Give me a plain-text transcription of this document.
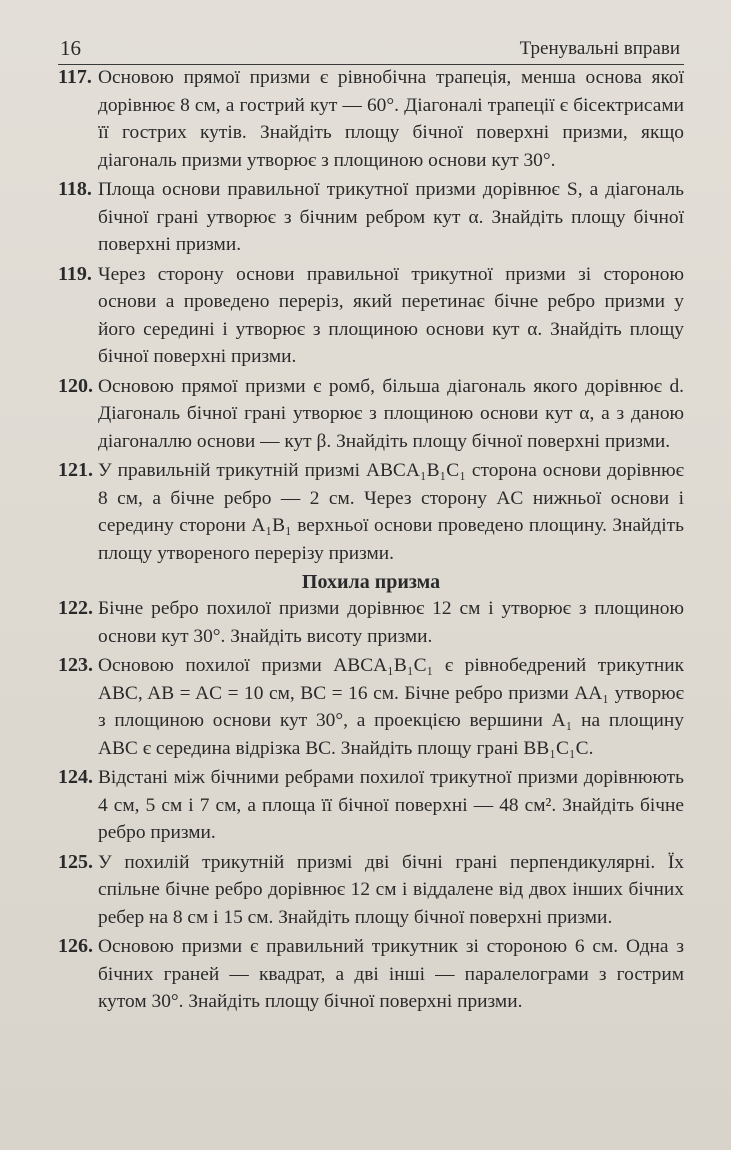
16	Тренувальні вправи
117. Основою прямої призми є рівнобічна трапеція, менша основа якої дорівнює 8 см, а гострий кут — 60°. Діагоналі трапеції є бісектрисами її гострих кутів. Знайдіть площу бічної поверхні призми, якщо діагональ призми утворює з площиною основи кут 30°.
118. Площа основи правильної трикутної призми дорівнює S, а діагональ бічної грані утворює з бічним ребром кут α. Знайдіть площу бічної поверхні призми.
119. Через сторону основи правильної трикутної призми зі стороною основи a проведено переріз, який перетинає бічне ребро призми у його середині і утворює з площиною основи кут α. Знайдіть площу бічної поверхні призми.
120. Основою прямої призми є ромб, більша діагональ якого дорівнює d. Діагональ бічної грані утворює з площиною основи кут α, а з даною діагоналлю основи — кут β. Знайдіть площу бічної поверхні призми.
121. У правильній трикутній призмі ABCA₁B₁C₁ сторона основи дорівнює 8 см, а бічне ребро — 2 см. Через сторону AC нижньої основи і середину сторони A₁B₁ верхньої основи проведено площину. Знайдіть площу утвореного перерізу призми.
Похила призма
122. Бічне ребро похилої призми дорівнює 12 см і утворює з площиною основи кут 30°. Знайдіть висоту призми.
123. Основою похилої призми ABCA₁B₁C₁ є рівнобедрений трикутник ABC, AB = AC = 10 см, BC = 16 см. Бічне ребро призми AA₁ утворює з площиною основи кут 30°, а проекцією вершини A₁ на площину ABC є середина відрізка BC. Знайдіть площу грані BB₁C₁C.
124. Відстані між бічними ребрами похилої трикутної призми дорівнюють 4 см, 5 см і 7 см, а площа її бічної поверхні — 48 см². Знайдіть бічне ребро призми.
125. У похилій трикутній призмі дві бічні грані перпендикулярні. Їх спільне бічне ребро дорівнює 12 см і віддалене від двох інших бічних ребер на 8 см і 15 см. Знайдіть площу бічної поверхні призми.
126. Основою призми є правильний трикутник зі стороною 6 см. Одна з бічних граней — квадрат, а дві інші — паралелограми з гострим кутом 30°. Знайдіть площу бічної поверхні призми.
